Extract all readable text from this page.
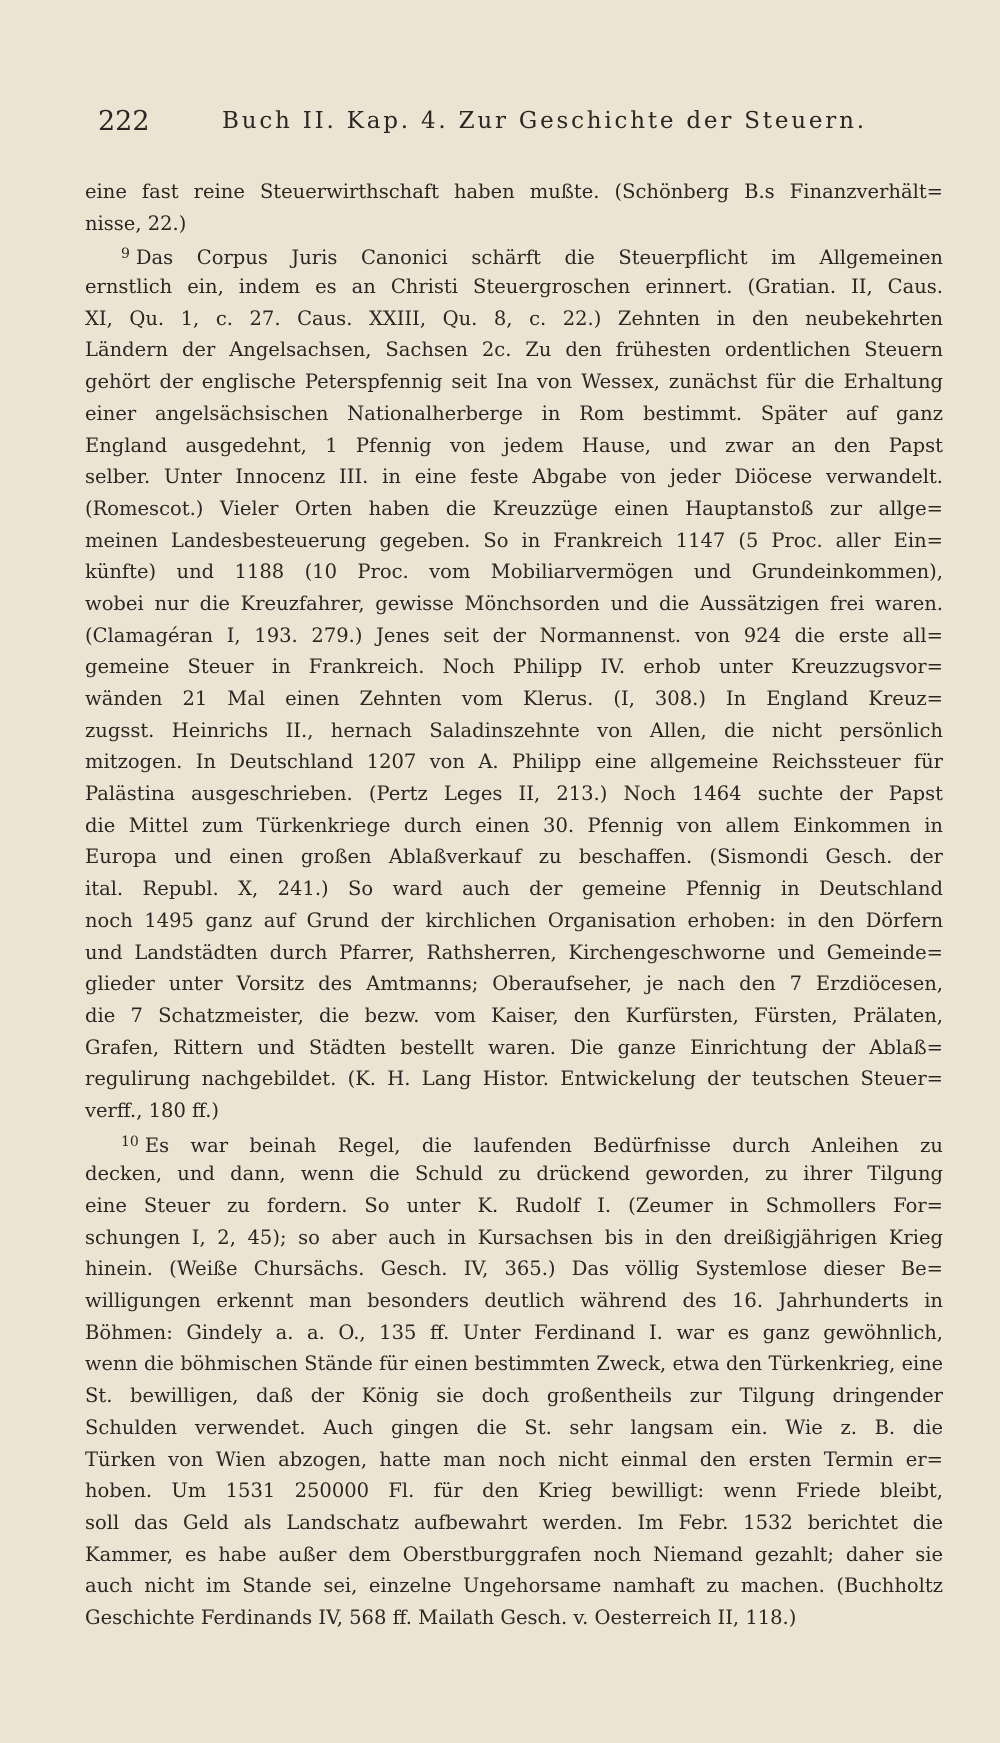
222	Buch II. Kap. 4. Zur Geschichte der Steuern.
eine fast reine Steuerwirthschaft haben mußte. (Schönberg B.s Finanzverhält=
nisse, 22.)
$^9$ Das Corpus Juris Canonici schärft die Steuerpflicht im Allgemeinen
ernstlich ein, indem es an Christi Steuergroschen erinnert. (Gratian. II, Caus.
XI, Qu. 1, c. 27. Caus. XXIII, Qu. 8, c. 22.) Zehnten in den neubekehrten
Ländern der Angelsachsen, Sachsen 2c. Zu den frühesten ordentlichen Steuern
gehört der englische Peterspfennig seit Ina von Wessex, zunächst für die Erhaltung
einer angelsächsischen Nationalherberge in Rom bestimmt. Später auf ganz
England ausgedehnt, 1 Pfennig von jedem Hause, und zwar an den Papst
selber. Unter Innocenz III. in eine feste Abgabe von jeder Diöcese verwandelt.
(Romescot.) Vieler Orten haben die Kreuzzüge einen Hauptanstoß zur allge=
meinen Landesbesteuerung gegeben. So in Frankreich 1147 (5 Proc. aller Ein=
künfte) und 1188 (10 Proc. vom Mobiliarvermögen und Grundeinkommen),
wobei nur die Kreuzfahrer, gewisse Mönchsorden und die Aussätzigen frei waren.
(Clamagéran I, 193. 279.) Jenes seit der Normannenst. von 924 die erste all=
gemeine Steuer in Frankreich. Noch Philipp IV. erhob unter Kreuzzugsvor=
wänden 21 Mal einen Zehnten vom Klerus. (I, 308.) In England Kreuz=
zugsst. Heinrichs II., hernach Saladinszehnte von Allen, die nicht persönlich
mitzogen. In Deutschland 1207 von A. Philipp eine allgemeine Reichssteuer für
Palästina ausgeschrieben. (Pertz Leges II, 213.) Noch 1464 suchte der Papst
die Mittel zum Türkenkriege durch einen 30. Pfennig von allem Einkommen in
Europa und einen großen Ablaßverkauf zu beschaffen. (Sismondi Gesch. der
ital. Republ. X, 241.) So ward auch der gemeine Pfennig in Deutschland
noch 1495 ganz auf Grund der kirchlichen Organisation erhoben: in den Dörfern
und Landstädten durch Pfarrer, Rathsherren, Kirchengeschworne und Gemeinde=
glieder unter Vorsitz des Amtmanns; Oberaufseher, je nach den 7 Erzdiöcesen,
die 7 Schatzmeister, die bezw. vom Kaiser, den Kurfürsten, Fürsten, Prälaten,
Grafen, Rittern und Städten bestellt waren. Die ganze Einrichtung der Ablaß=
regulirung nachgebildet. (K. H. Lang Histor. Entwickelung der teutschen Steuer=
verff., 180 ff.)
$^{10}$ Es war beinah Regel, die laufenden Bedürfnisse durch Anleihen zu
decken, und dann, wenn die Schuld zu drückend geworden, zu ihrer Tilgung
eine Steuer zu fordern. So unter K. Rudolf I. (Zeumer in Schmollers For=
schungen I, 2, 45); so aber auch in Kursachsen bis in den dreißigjährigen Krieg
hinein. (Weiße Chursächs. Gesch. IV, 365.) Das völlig Systemlose dieser Be=
willigungen erkennt man besonders deutlich während des 16. Jahrhunderts in
Böhmen: Gindely a. a. O., 135 ff. Unter Ferdinand I. war es ganz gewöhnlich,
wenn die böhmischen Stände für einen bestimmten Zweck, etwa den Türkenkrieg, eine
St. bewilligen, daß der König sie doch großentheils zur Tilgung dringender
Schulden verwendet. Auch gingen die St. sehr langsam ein. Wie z. B. die
Türken von Wien abzogen, hatte man noch nicht einmal den ersten Termin er=
hoben. Um 1531 250000 Fl. für den Krieg bewilligt: wenn Friede bleibt,
soll das Geld als Landschatz aufbewahrt werden. Im Febr. 1532 berichtet die
Kammer, es habe außer dem Oberstburggrafen noch Niemand gezahlt; daher sie
auch nicht im Stande sei, einzelne Ungehorsame namhaft zu machen. (Buchholtz
Geschichte Ferdinands IV, 568 ff. Mailath Gesch. v. Oesterreich II, 118.)
